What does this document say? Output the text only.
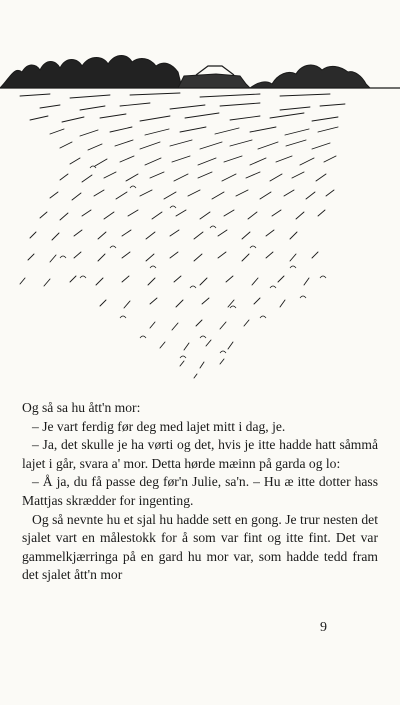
Og så sa hu ått'n mor:

– Je vart ferdig før deg med lajet mitt i dag, je.

– Ja, det skulle je ha vørti og det, hvis je itte hadde hatt såmmå lajet i går, svara a' mor. Detta hørde mæinn på garda og lo:

– Å ja, du få passe deg før'n Julie, sa'n. – Hu æ itte dotter hass Mattjas skrædder for ingenting.

Og så nevnte hu et sjal hu hadde sett en gong. Je trur nesten det sjalet vart en målestokk for å som var fint og itte fint. Det var gammelkjærringa på en gard hu mor var, som hadde tedd fram det sjalet ått'n mor

9
